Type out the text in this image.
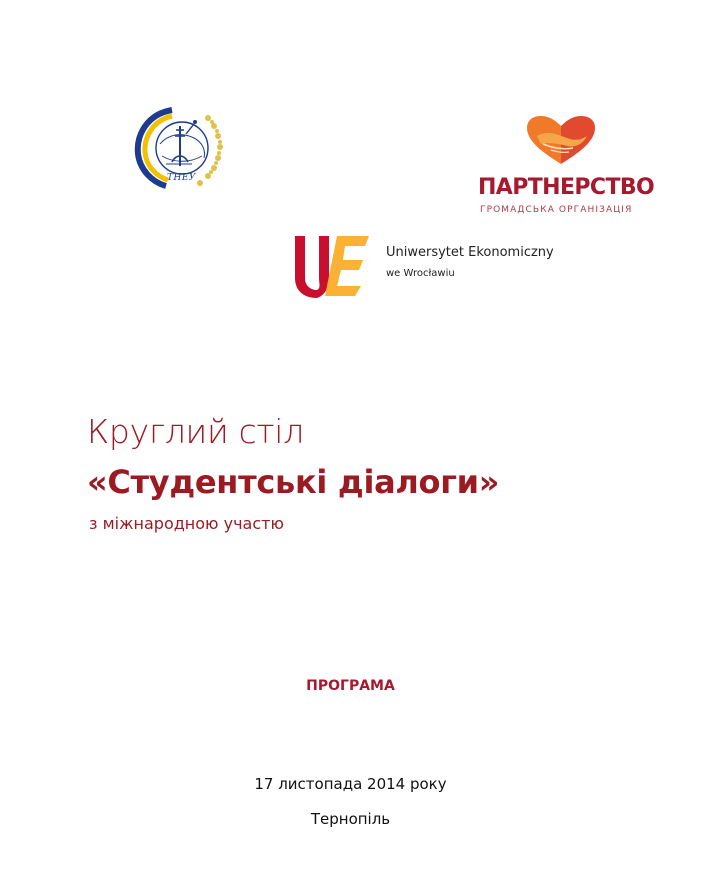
ТНЕУ	ПАРТНЕРСТВО
ГРОМАДСЬКА ОРГАНІЗАЦІЯ
Uniwersytet Ekonomiczny
we Wrocławiu
Круглий стіл
«Студентські діалоги»
з міжнародною участю
ПРОГРАМА
17 листопада 2014 року
Тернопіль
